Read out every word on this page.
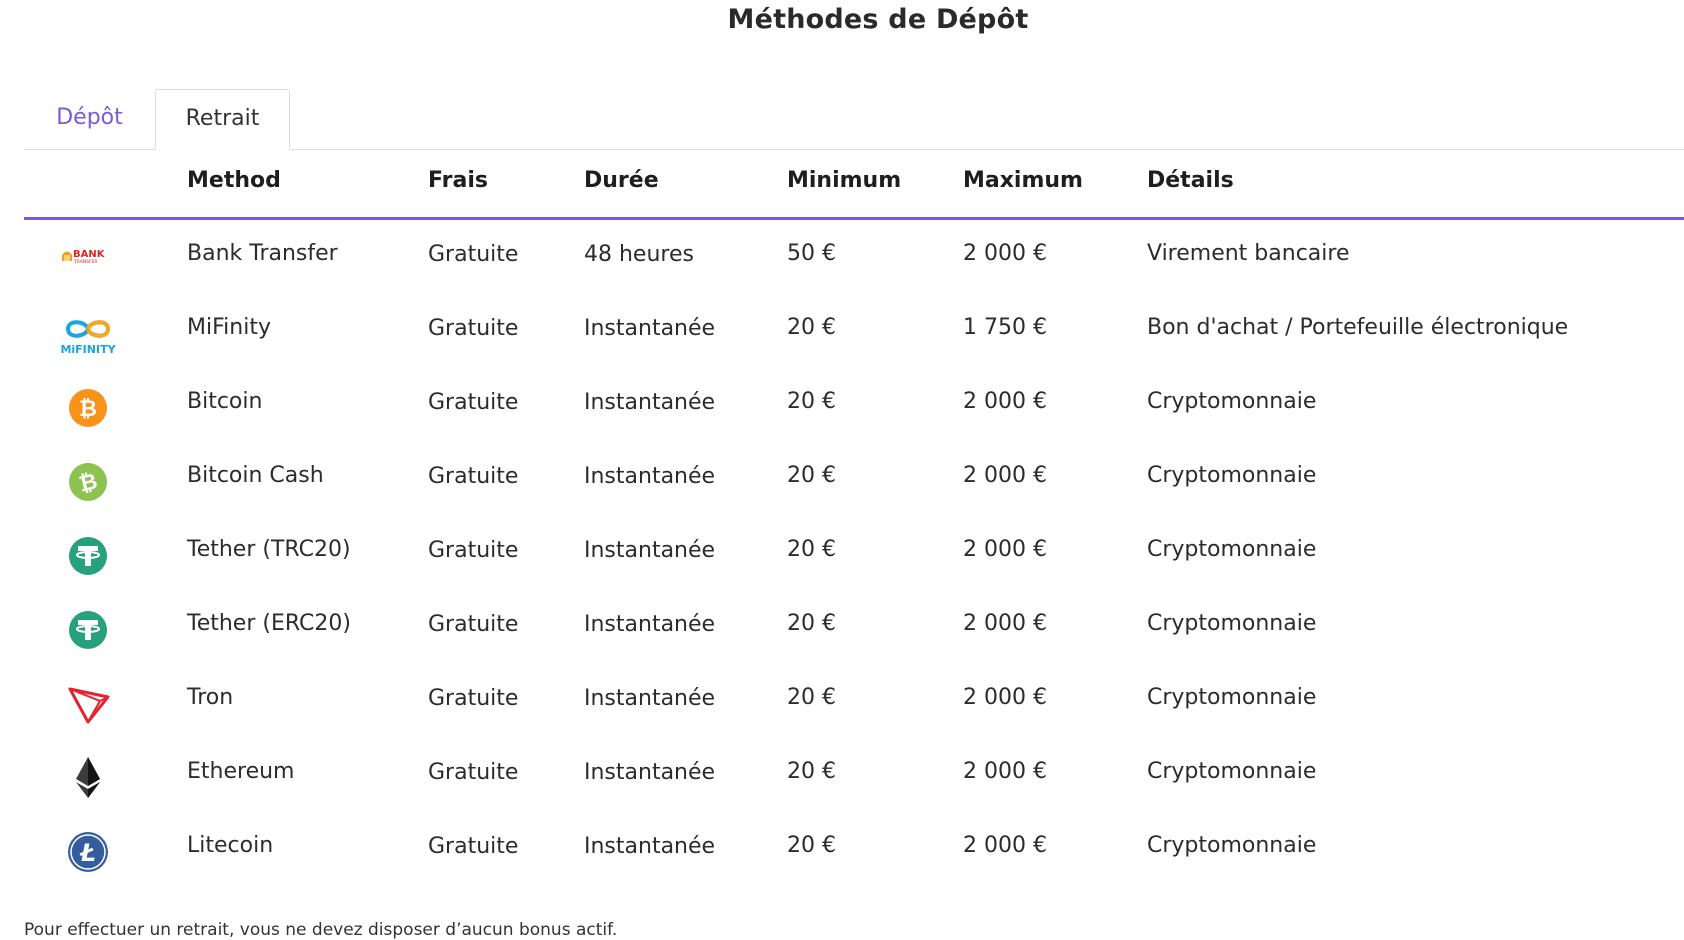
Méthodes de Dépôt
Dépôt	Retrait
Method	Frais	Durée	Minimum	Maximum	Détails
BANK
TRANSFER	Bank Transfer	Gratuite	48 heures	50 €	2 000 €	Virement bancaire
MiFINITY
MiFinity	Gratuite	Instantanée	20 €	1 750 €	Bon d'achat / Portefeuille électronique
₿	Bitcoin	Gratuite	Instantanée	20 €	2 000 €	Cryptomonnaie
₿	Bitcoin Cash	Gratuite	Instantanée	20 €	2 000 €	Cryptomonnaie
Tether (TRC20)	Gratuite	Instantanée	20 €	2 000 €	Cryptomonnaie
Tether (ERC20)	Gratuite	Instantanée	20 €	2 000 €	Cryptomonnaie
Tron	Gratuite	Instantanée	20 €	2 000 €	Cryptomonnaie
Ethereum	Gratuite	Instantanée	20 €	2 000 €	Cryptomonnaie
Ł	Litecoin	Gratuite	Instantanée	20 €	2 000 €	Cryptomonnaie
Pour effectuer un retrait, vous ne devez disposer d’aucun bonus actif.
